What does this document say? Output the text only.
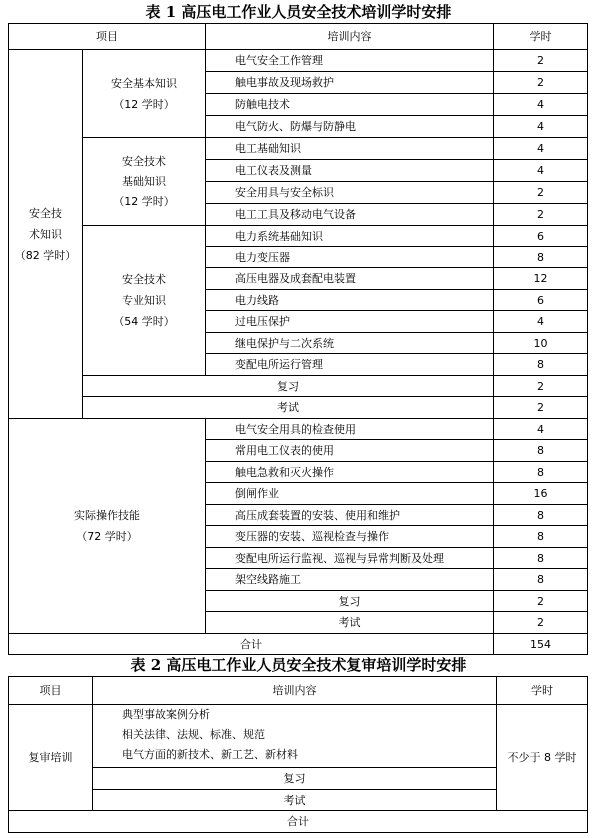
表 1 高压电工作业人员安全技术培训学时安排
项目		培训内容	学时

安全技
术知识
（82 学时）	安全基本知识
（12 学时）	电气安全工作管理	2
		触电事故及现场救护	2
		防触电技术	4
		电气防火、防爆与防静电	4

	安全技术
基础知识
（12 学时）	电工基础知识	4
		电工仪表及测量	4
		安全用具与安全标识	2
		电工工具及移动电气设备	2

	安全技术
专业知识
（54 学时）	电力系统基础知识	6
		电力变压器	8
		高压电器及成套配电装置	12
		电力线路	6
		过电压保护	4
		继电保护与二次系统	10
		变配电所运行管理	8
	复习		2
	考试		2

实际操作技能
（72 学时）		电气安全用具的检查使用	4
		常用电工仪表的使用	8
		触电急救和灭火操作	8
		倒闸作业	16
		高压成套装置的安装、使用和维护	8
		变压器的安装、巡视检查与操作	8
		变配电所运行监视、巡视与异常判断及处理	8
		架空线路施工	8
		复习	2
		考试	2
合计			154
表 2 高压电工作业人员安全技术复审培训学时安排
项目	培训内容	学时
复审培训	典型事故案例分析
相关法律、法规、标准、规范
电气方面的新技术、新工艺、新材料	不少于 8 学时
	复习	
	考试	
合计		
